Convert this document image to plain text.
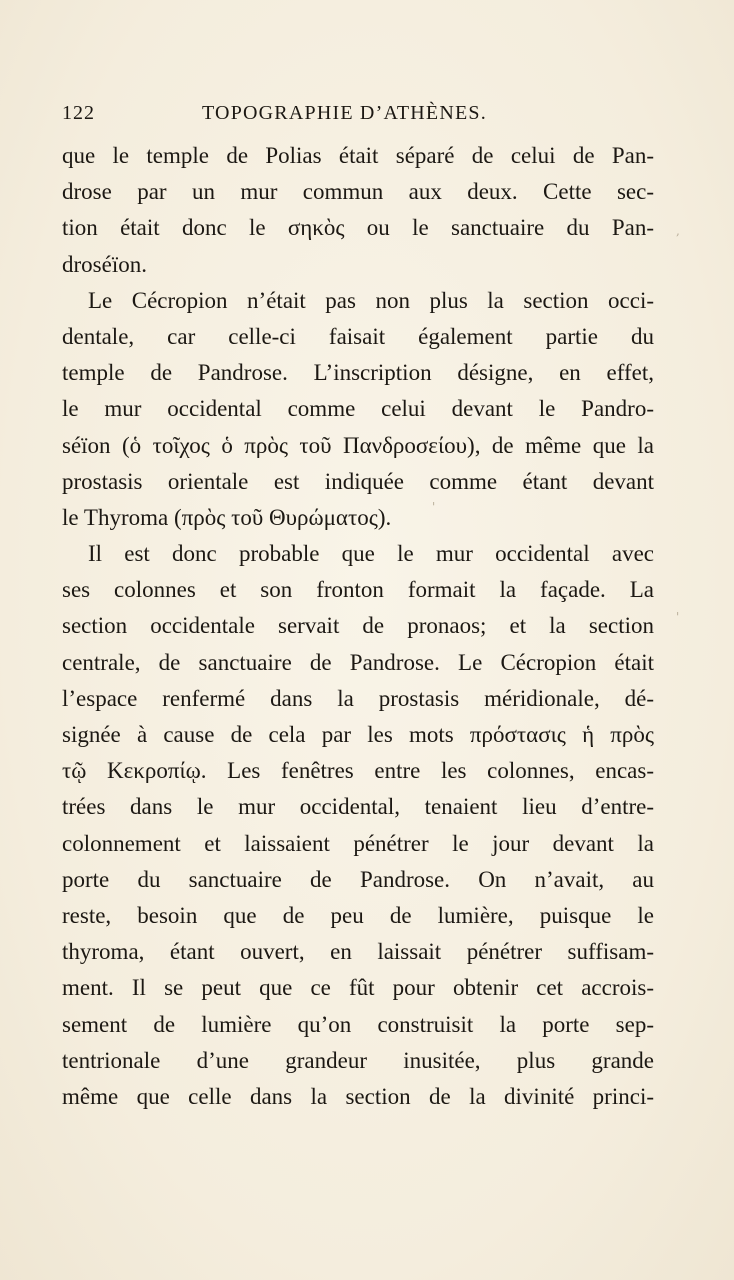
122	TOPOGRAPHIE D’ATHÈNES.
que le temple de Polias était séparé de celui de Pan-
drose par un mur commun aux deux. Cette sec-
tion était donc le σηκὸς ou le sanctuaire du Pan-
droséïon.
Le Cécropion n’était pas non plus la section occi-
dentale, car celle-ci faisait également partie du
temple de Pandrose. L’inscription désigne, en effet,
le mur occidental comme celui devant le Pandro-
séïon (ὁ τοῖχος ὁ πρὸς τοῦ Πανδροσείου), de même que la
prostasis orientale est indiquée comme étant devant
le Thyroma (πρὸς τοῦ Θυρώματος).
Il est donc probable que le mur occidental avec
ses colonnes et son fronton formait la façade. La
section occidentale servait de pronaos; et la section
centrale, de sanctuaire de Pandrose. Le Cécropion était
l’espace renfermé dans la prostasis méridionale, dé-
signée à cause de cela par les mots πρόστασις ἡ πρὸς
τῷ Κεκροπίῳ. Les fenêtres entre les colonnes, encas-
trées dans le mur occidental, tenaient lieu d’entre-
colonnement et laissaient pénétrer le jour devant la
porte du sanctuaire de Pandrose. On n’avait, au
reste, besoin que de peu de lumière, puisque le
thyroma, étant ouvert, en laissait pénétrer suffisam-
ment. Il se peut que ce fût pour obtenir cet accrois-
sement de lumière qu’on construisit la porte sep-
tentrionale d’une grandeur inusitée, plus grande
même que celle dans la section de la divinité princi-
,
'
'
